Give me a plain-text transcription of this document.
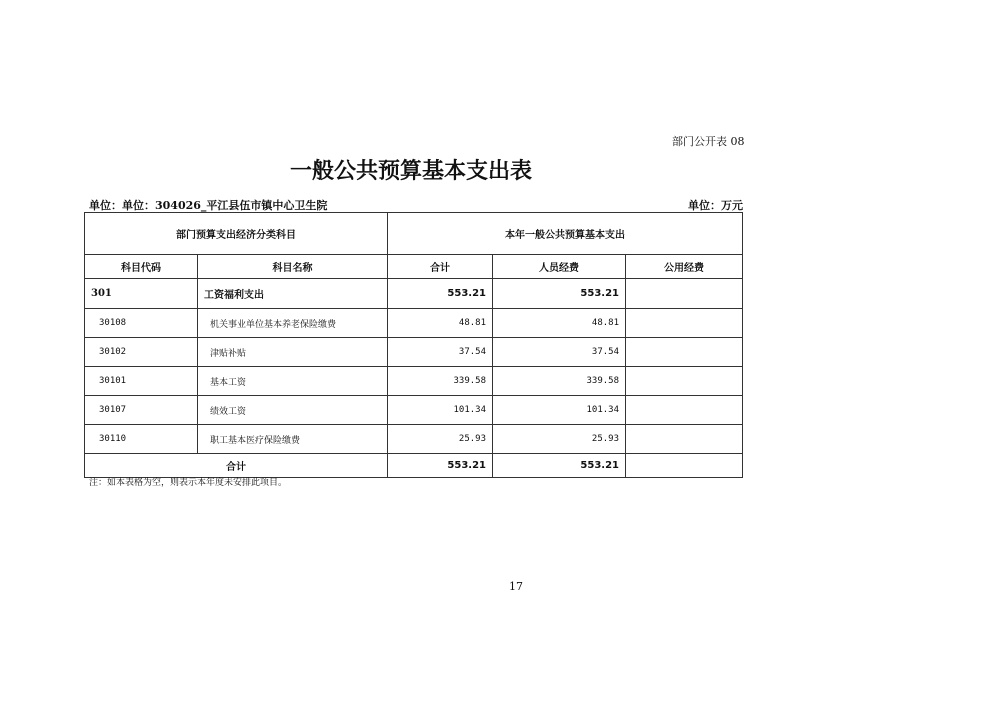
部门公开表 08
一般公共预算基本支出表
单位：单位：304026_平江县伍市镇中心卫生院	单位：万元
部门预算支出经济分类科目		本年一般公共预算基本支出		
科目代码	科目名称	合计	人员经费	公用经费
301	工资福利支出	553.21	553.21	
30108	机关事业单位基本养老保险缴费	48.81	48.81	
30102	津贴补贴	37.54	37.54	
30101	基本工资	339.58	339.58	
30107	绩效工资	101.34	101.34	
30110	职工基本医疗保险缴费	25.93	25.93	
合计		553.21	553.21	
注：如本表格为空，则表示本年度未安排此项目。
17
